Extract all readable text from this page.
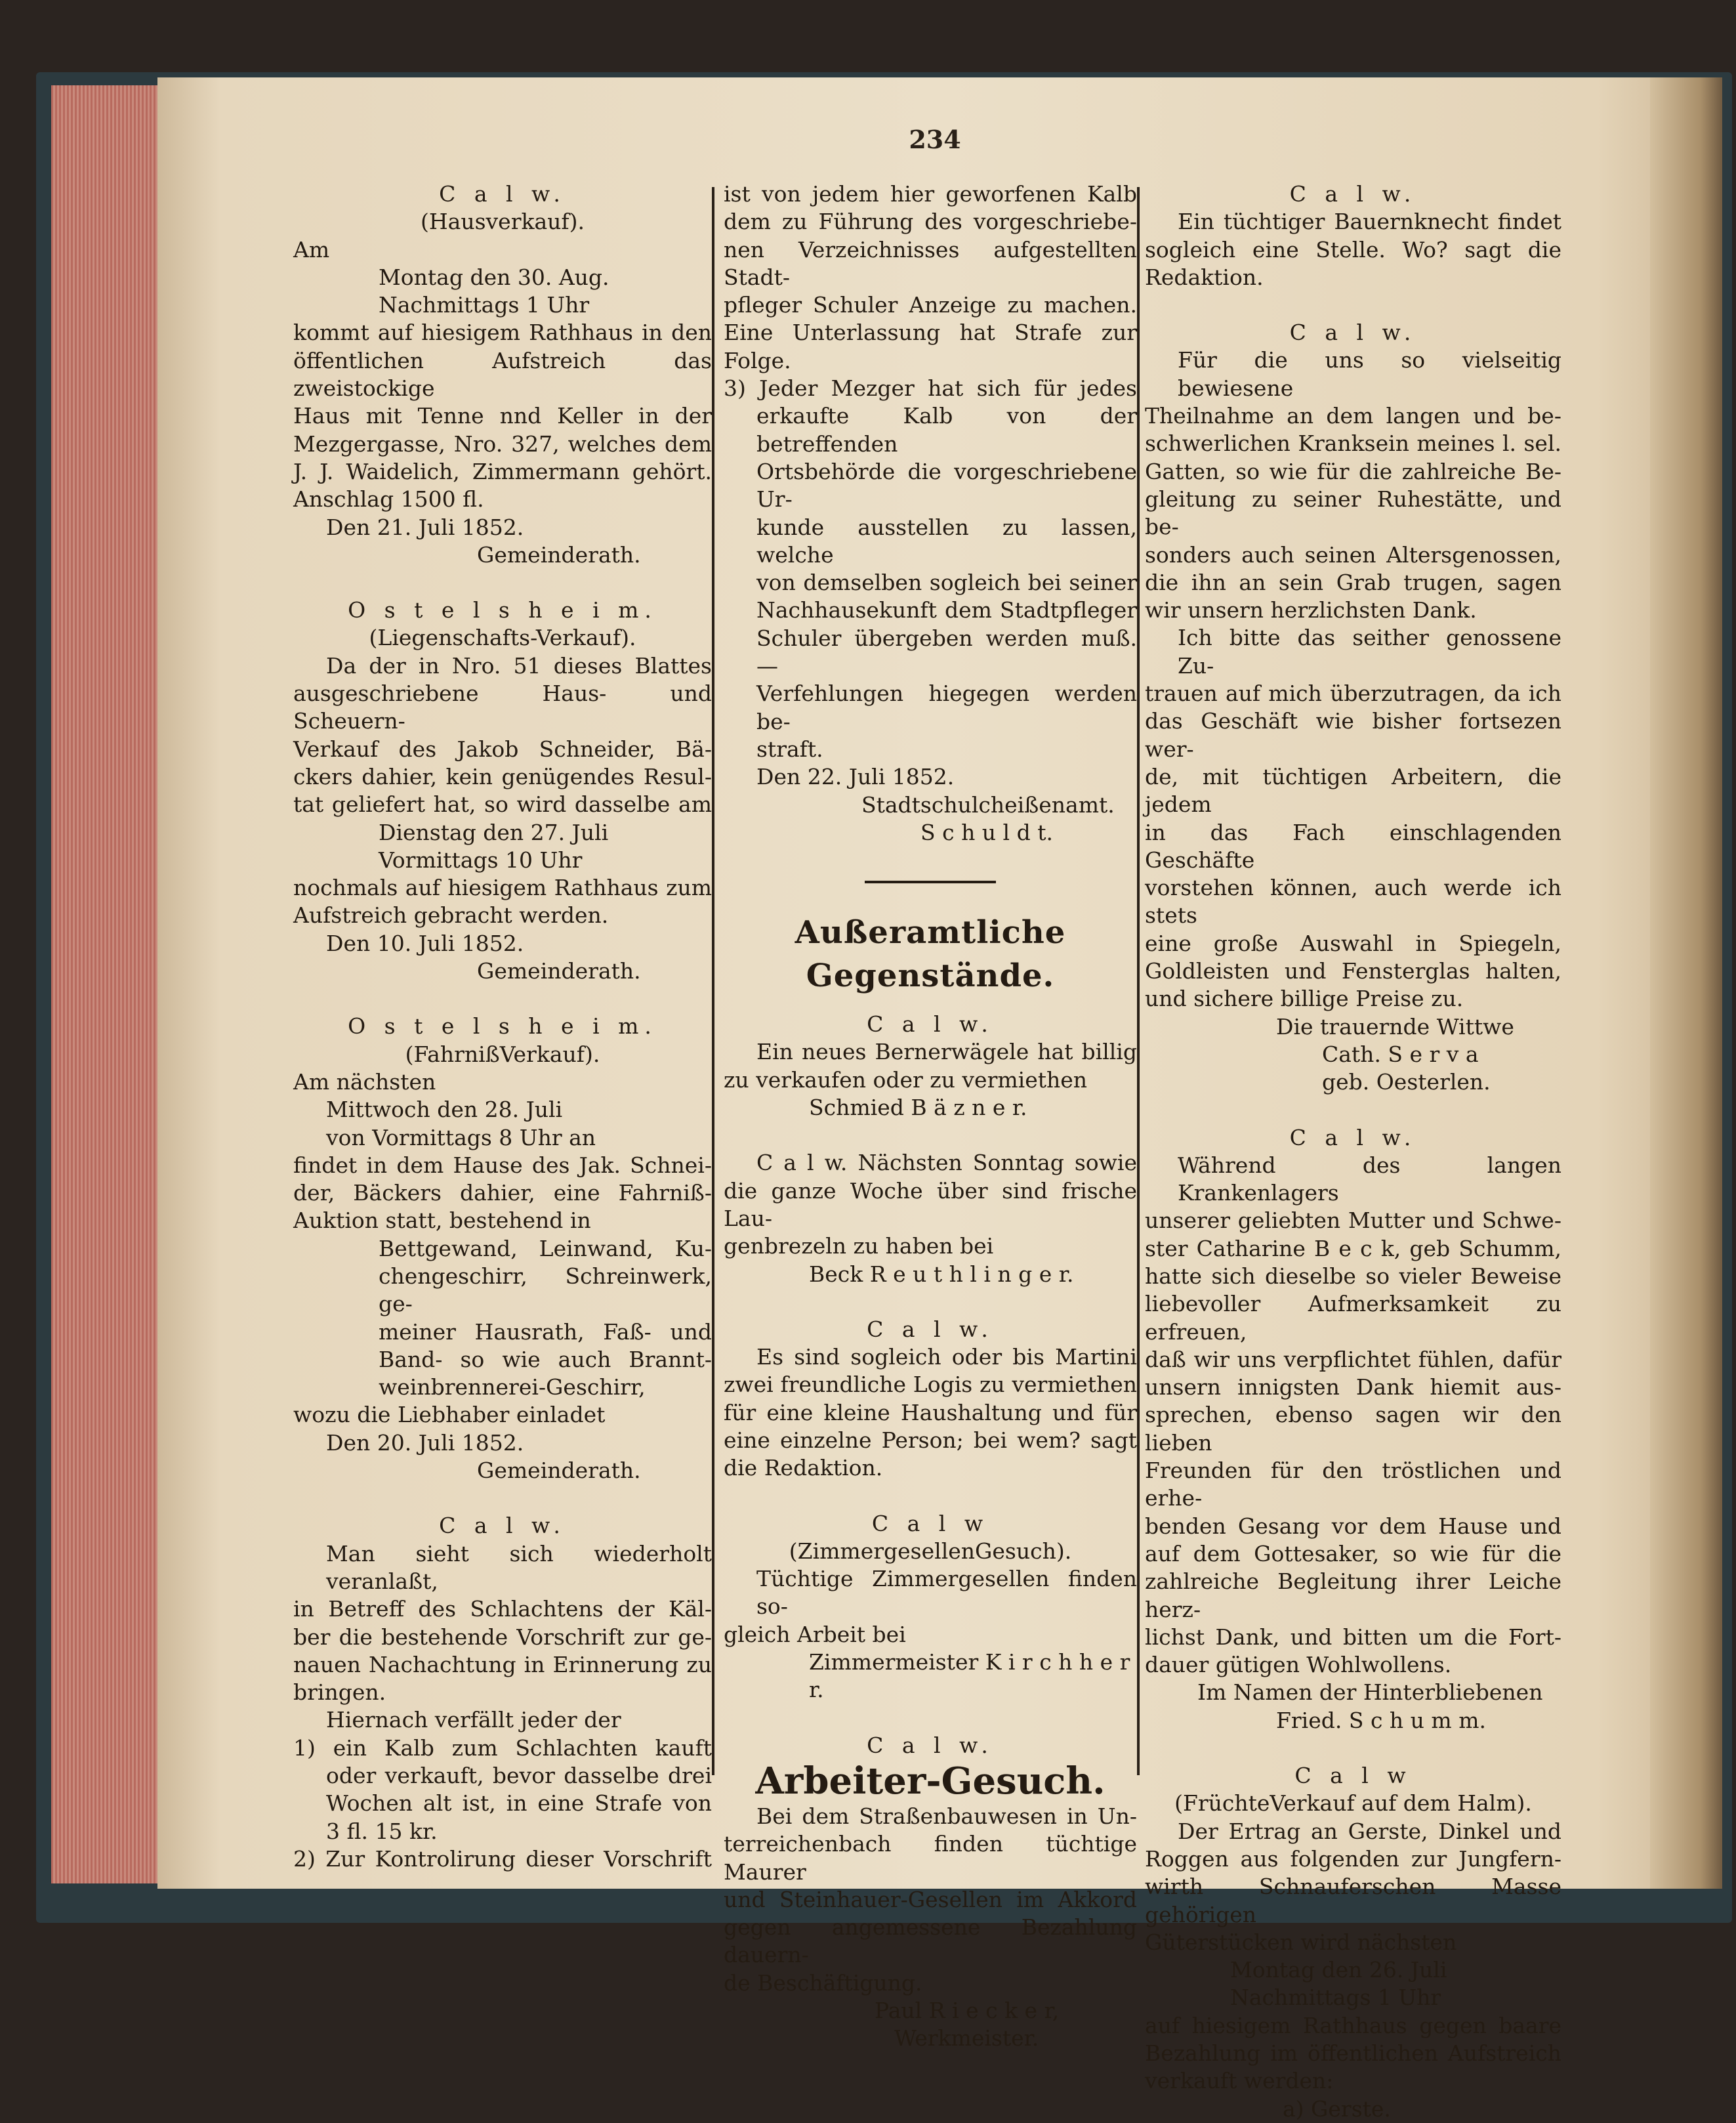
234

C a l w.

(Hausverkauf).

Am

Montag den 30. Aug.

Nachmittags 1 Uhr

kommt auf hiesigem Rathhaus in den

öffentlichen Aufstreich das zweistockige

Haus mit Tenne nnd Keller in der

Mezgergasse, Nro. 327, welches dem

J. J. Waidelich, Zimmermann gehört.

Anschlag 1500 fl.

Den 21. Juli 1852.

Gemeinderath.

O s t e l s h e i m.

(Liegenschafts-Verkauf).

Da der in Nro. 51 dieses Blattes

ausgeschriebene Haus- und Scheuern-

Verkauf des Jakob Schneider, Bä-

ckers dahier, kein genügendes Resul-

tat geliefert hat, so wird dasselbe am

Dienstag den 27. Juli

Vormittags 10 Uhr

nochmals auf hiesigem Rathhaus zum

Aufstreich gebracht werden.

Den 10. Juli 1852.

Gemeinderath.

O s t e l s h e i m.

(FahrnißVerkauf).

Am nächsten

Mittwoch den 28. Juli

von Vormittags 8 Uhr an

findet in dem Hause des Jak. Schnei-

der, Bäckers dahier, eine Fahrniß-

Auktion statt, bestehend in

Bettgewand, Leinwand, Ku-

chengeschirr, Schreinwerk, ge-

meiner Hausrath, Faß- und

Band- so wie auch Brannt-

weinbrennerei-Geschirr,

wozu die Liebhaber einladet

Den 20. Juli 1852.

Gemeinderath.

C a l w.

Man sieht sich wiederholt veranlaßt,

in Betreff des Schlachtens der Käl-

ber die bestehende Vorschrift zur ge-

nauen Nachachtung in Erinnerung zu

bringen.

Hiernach verfällt jeder der

1) ein Kalb zum Schlachten kauft

oder verkauft, bevor dasselbe drei

Wochen alt ist, in eine Strafe von

3 fl. 15 kr.

2) Zur Kontrolirung dieser Vorschrift

ist von jedem hier geworfenen Kalb

dem zu Führung des vorgeschriebe-

nen Verzeichnisses aufgestellten Stadt-

pfleger Schuler Anzeige zu machen.

Eine Unterlassung hat Strafe zur

Folge.

3) Jeder Mezger hat sich für jedes

erkaufte Kalb von der betreffenden

Ortsbehörde die vorgeschriebene Ur-

kunde ausstellen zu lassen, welche

von demselben sogleich bei seiner

Nachhausekunft dem Stadtpfleger

Schuler übergeben werden muß. —

Verfehlungen hiegegen werden be-

straft.

Den 22. Juli 1852.

Stadtschulcheißenamt.

S c h u l d t.

Außeramtliche Gegenstände.

C a l w.

Ein neues Bernerwägele hat billig

zu verkaufen oder zu vermiethen

Schmied B ä z n e r.

C a l w. Nächsten Sonntag sowie

die ganze Woche über sind frische Lau-

genbrezeln zu haben bei

Beck R e u t h l i n g e r.

C a l w.

Es sind sogleich oder bis Martini

zwei freundliche Logis zu vermiethen

für eine kleine Haushaltung und für

eine einzelne Person; bei wem? sagt

die Redaktion.

C a l w

(ZimmergesellenGesuch).

Tüchtige Zimmergesellen finden so-

gleich Arbeit bei

Zimmermeister K i r c h h e r r.

C a l w.

Arbeiter-Gesuch.

Bei dem Straßenbauwesen in Un-

terreichenbach finden tüchtige Maurer

und Steinhauer-Gesellen im Akkord

gegen angemessene Bezahlung dauern-

de Beschäftigung.

Paul R i e c k e r,

Werkmeister.

C a l w.

Ein tüchtiger Bauernknecht findet

sogleich eine Stelle. Wo? sagt die

Redaktion.

C a l w.

Für die uns so vielseitig bewiesene

Theilnahme an dem langen und be-

schwerlichen Kranksein meines l. sel.

Gatten, so wie für die zahlreiche Be-

gleitung zu seiner Ruhestätte, und be-

sonders auch seinen Altersgenossen,

die ihn an sein Grab trugen, sagen

wir unsern herzlichsten Dank.

Ich bitte das seither genossene Zu-

trauen auf mich überzutragen, da ich

das Geschäft wie bisher fortsezen wer-

de, mit tüchtigen Arbeitern, die jedem

in das Fach einschlagenden Geschäfte

vorstehen können, auch werde ich stets

eine große Auswahl in Spiegeln,

Goldleisten und Fensterglas halten,

und sichere billige Preise zu.

Die trauernde Wittwe

Cath. S e r v a

geb. Oesterlen.

C a l w.

Während des langen Krankenlagers

unserer geliebten Mutter und Schwe-

ster Catharine B e c k, geb Schumm,

hatte sich dieselbe so vieler Beweise

liebevoller Aufmerksamkeit zu erfreuen,

daß wir uns verpflichtet fühlen, dafür

unsern innigsten Dank hiemit aus-

sprechen, ebenso sagen wir den lieben

Freunden für den tröstlichen und erhe-

benden Gesang vor dem Hause und

auf dem Gottesaker, so wie für die

zahlreiche Begleitung ihrer Leiche herz-

lichst Dank, und bitten um die Fort-

dauer gütigen Wohlwollens.

Im Namen der Hinterbliebenen

Fried. S c h u m m.

C a l w

(FrüchteVerkauf auf dem Halm).

Der Ertrag an Gerste, Dinkel und

Roggen aus folgenden zur Jungfern-

wirth Schnauferschen Masse gehörigen

Güterstücken wird nächsten

Montag den 26. Juli

Nachmittags 1 Uhr

auf hiesigem Rathhaus gegen baare

Bezahlung im öffentlichen Aufstreich

verkauft werden:

a) Gerste.
